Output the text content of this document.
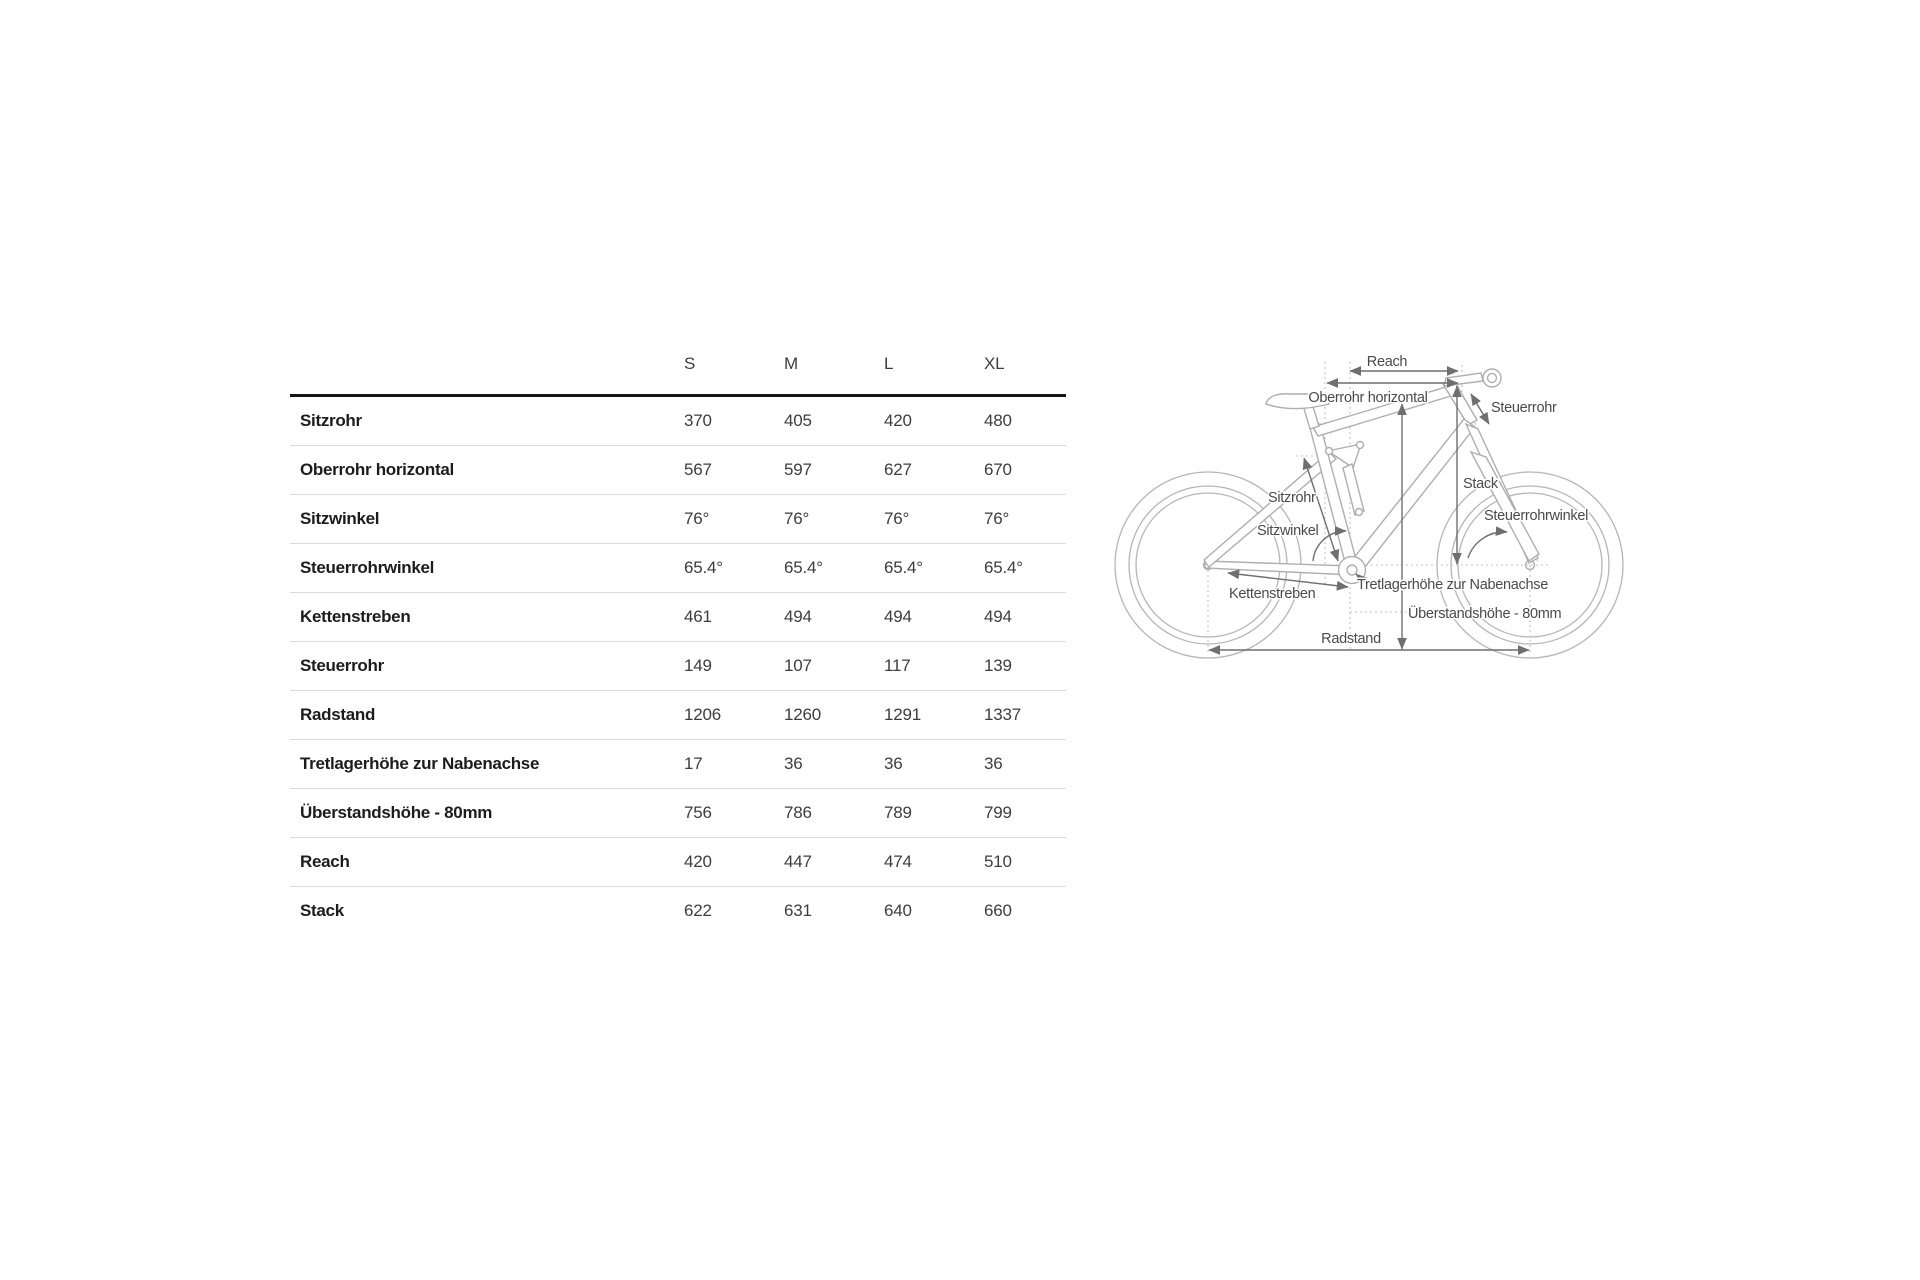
	S	M	L	XL
Sitzrohr	370	405	420	480
Oberrohr horizontal	567	597	627	670
Sitzwinkel	76°	76°	76°	76°
Steuerrohrwinkel	65.4°	65.4°	65.4°	65.4°
Kettenstreben	461	494	494	494
Steuerrohr	149	107	117	139
Radstand	1206	1260	1291	1337
Tretlagerhöhe zur Nabenachse	17	36	36	36
Überstandshöhe - 80mm	756	786	789	799
Reach	420	447	474	510
Stack	622	631	640	660
Reach
Oberrohr horizontal
Steuerrohr
Sitzrohr
Sitzwinkel
Stack
Steuerrohrwinkel
Kettenstreben
Tretlagerhöhe zur Nabenachse
Überstandshöhe - 80mm
Radstand
